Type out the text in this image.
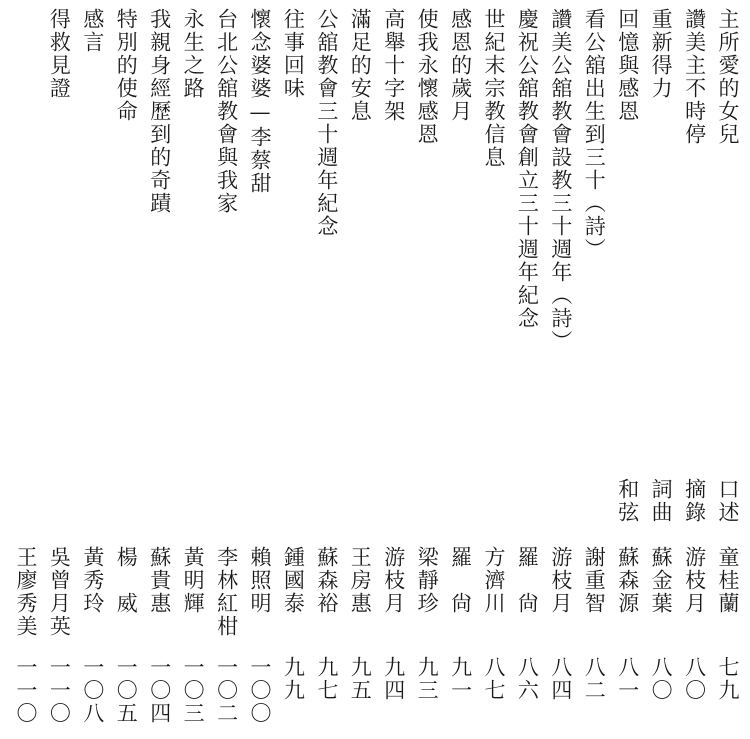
主所愛的女兒
口述
童桂蘭
七九
讚美主不時停
摘錄
游枝月
八〇
重新得力
詞曲
蘇金葉
八〇
回憶與感恩
和弦
蘇森源
八一
看公舘出生到三十（詩）
謝重智
八二
讚美公舘教會設教三十週年（詩）
游枝月
八四
慶祝公舘教會創立三十週年紀念
羅　尙
八六
世紀末宗教信息
方濟川
八七
感恩的歲月
羅　尙
九一
使我永懷感恩
梁靜珍
九三
高舉十字架
游枝月
九四
滿足的安息
王房惠
九五
公舘教會三十週年紀念
蘇森裕
九七
往事回味
鍾國泰
九九
懷念婆婆—李蔡甜
賴照明
一〇〇
台北公舘教會與我家
李林紅柑
一〇二
永生之路
黃明輝
一〇三
我親身經歷到的奇蹟
蘇貴惠
一〇四
特別的使命
楊　威
一〇五
感言
黃秀玲
一〇八
得救見證
吳曾月英
一一〇
王廖秀美
一一〇
